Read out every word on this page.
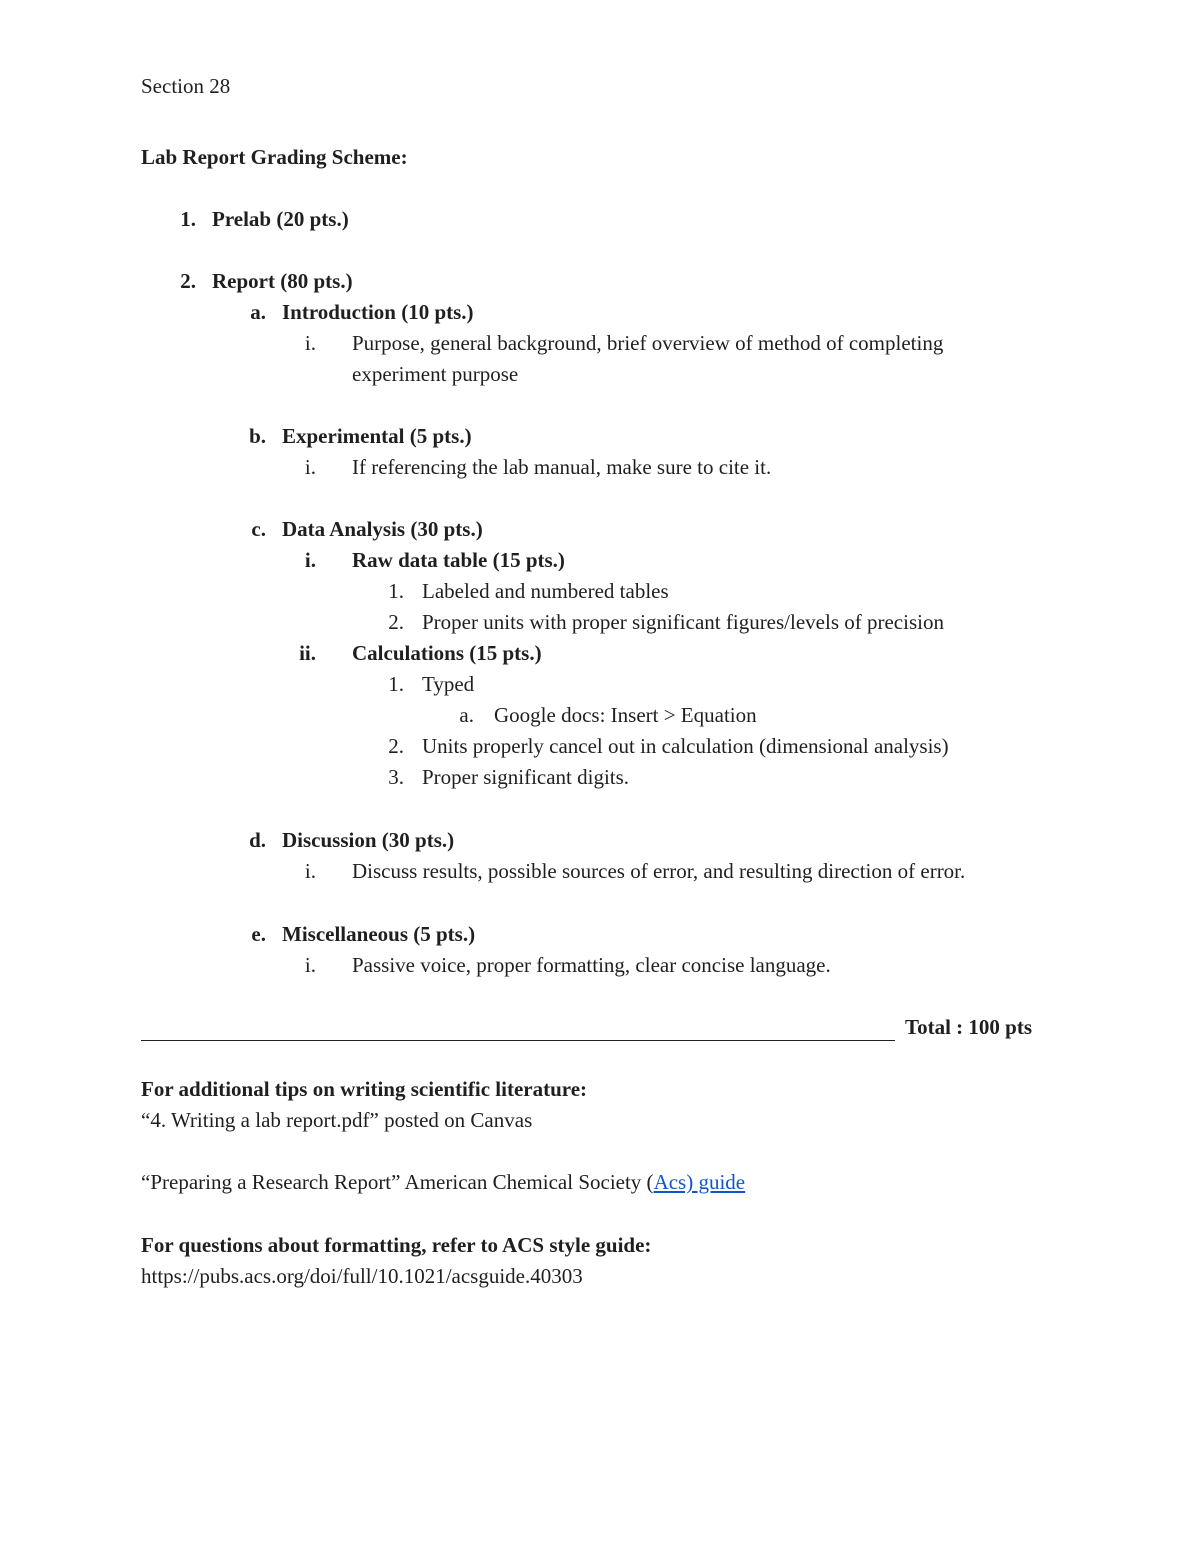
Section 28
Lab Report Grading Scheme:
1. Prelab (20 pts.)
2. Report (80 pts.)
a. Introduction (10 pts.)
i. Purpose, general background, brief overview of method of completing
experiment purpose
b. Experimental (5 pts.)
i. If referencing the lab manual, make sure to cite it.
c. Data Analysis (30 pts.)
i. Raw data table (15 pts.)
1. Labeled and numbered tables
2. Proper units with proper significant figures/levels of precision
ii. Calculations (15 pts.)
1. Typed
a. Google docs: Insert > Equation
2. Units properly cancel out in calculation (dimensional analysis)
3. Proper significant digits.
d. Discussion (30 pts.)
i. Discuss results, possible sources of error, and resulting direction of error.
e. Miscellaneous (5 pts.)
i. Passive voice, proper formatting, clear concise language.
Total : 100 pts
For additional tips on writing scientific literature:
“4. Writing a lab report.pdf” posted on Canvas
“Preparing a Research Report” American Chemical Society (Acs) guide
For questions about formatting, refer to ACS style guide:
https://pubs.acs.org/doi/full/10.1021/acsguide.40303
